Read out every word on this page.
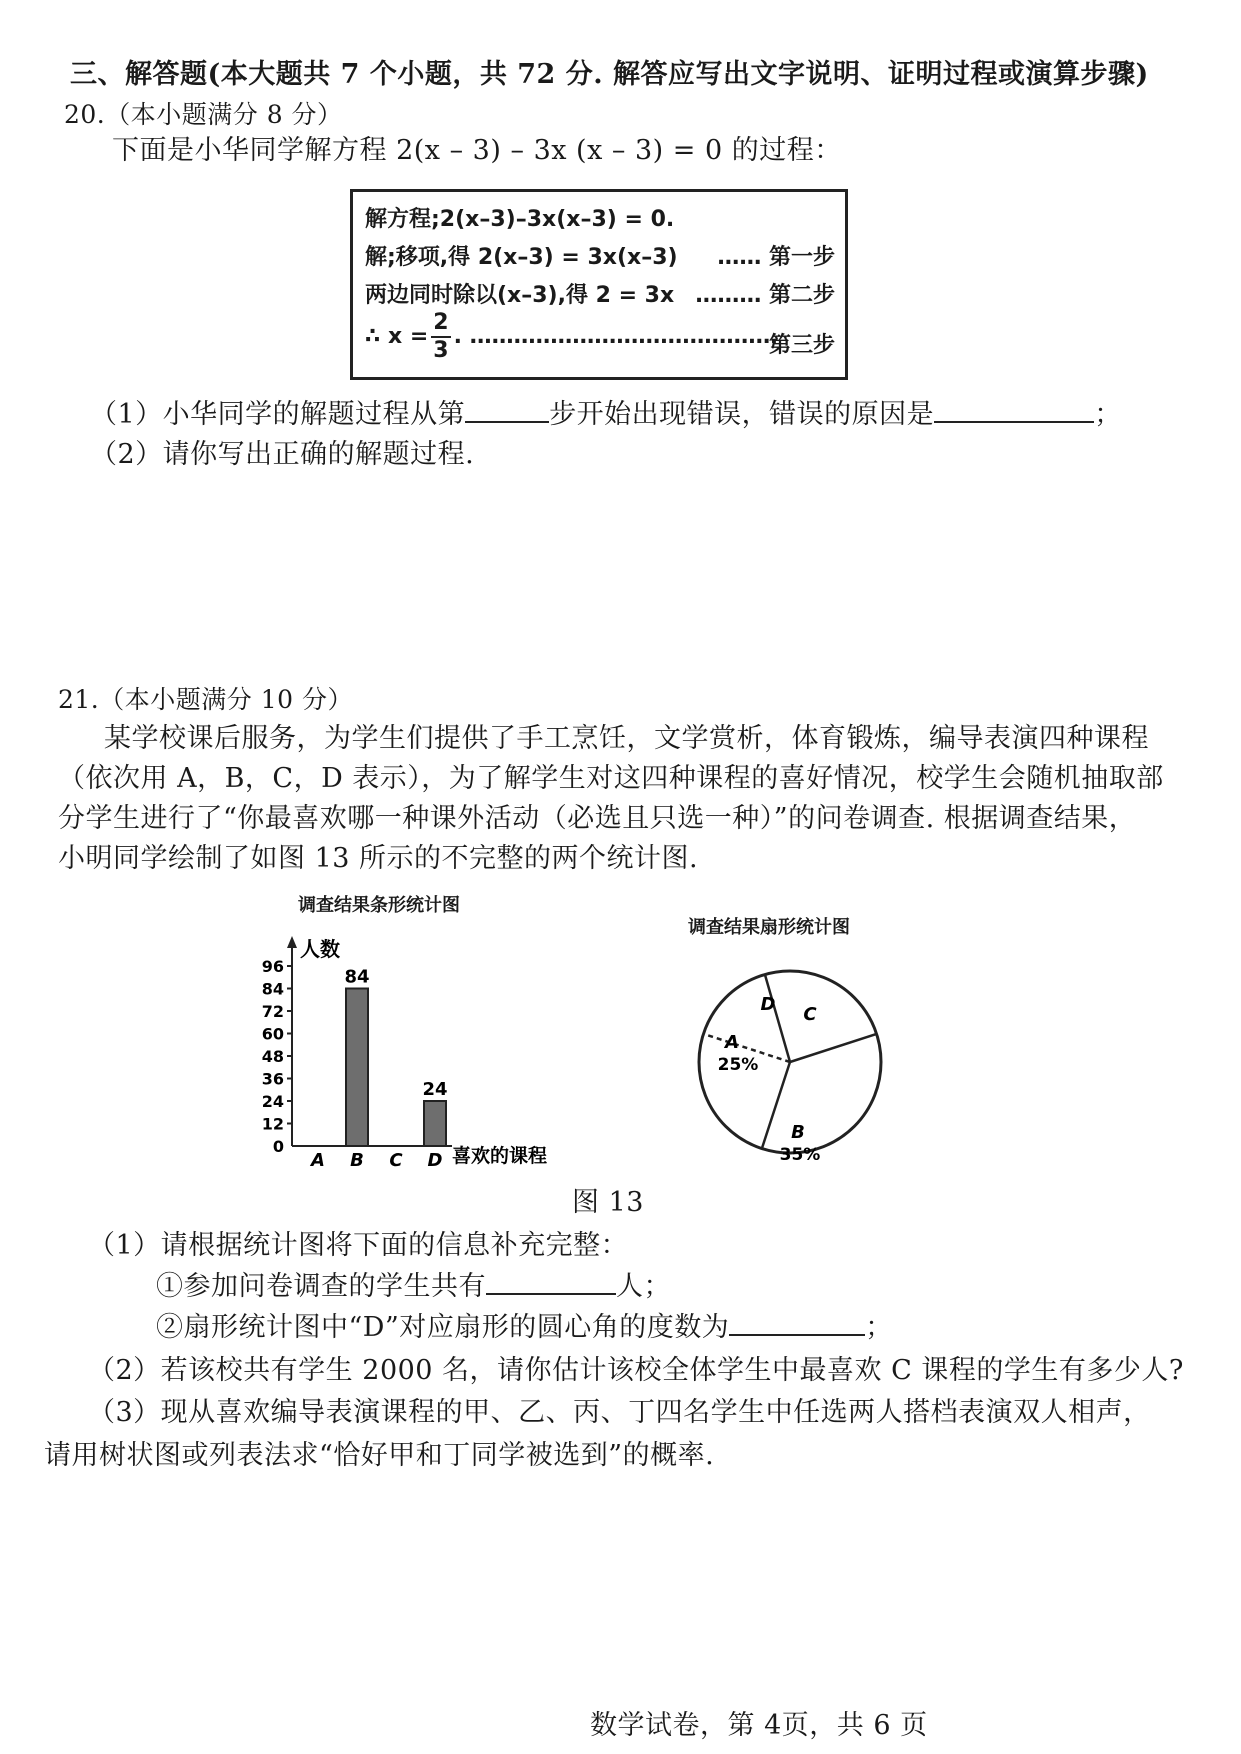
三、解答题(本大题共 7 个小题，共 72 分. 解答应写出文字说明、证明过程或演算步骤)
20.（本小题满分 8 分）
下面是小华同学解方程 2(x – 3) – 3x (x – 3) = 0 的过程：
解方程;2(x–3)–3x(x–3) = 0.
解;移项,得 2(x–3) = 3x(x–3) …… 第一步
两边同时除以(x–3),得 2 = 3x ……… 第二步
∴ $x = \frac{2}{3}$ . ……………………………………
第三步
（1）小华同学的解题过程从第	步开始出现错误，错误的原因是	；
（2）请你写出正确的解题过程.
21.（本小题满分 10 分）
某学校课后服务，为学生们提供了手工烹饪，文学赏析，体育锻炼，编导表演四种课程
（依次用 A，B，C，D 表示），为了解学生对这四种课程的喜好情况，校学生会随机抽取部
分学生进行了“你最喜欢哪一种课外活动（必选且只选一种）”的问卷调查. 根据调查结果，
小明同学绘制了如图 13 所示的不完整的两个统计图.
调查结果条形统计图
人数
喜欢的课程
0
12
24
36
48
60
72
84
96
A B
84
C D
24
调查结果扇形统计图
A
25%
B
35%
C
D
图 13
（1）请根据统计图将下面的信息补充完整：
①参加问卷调查的学生共有	人；
②扇形统计图中“D”对应扇形的圆心角的度数为	；
（2）若该校共有学生 2000 名，请你估计该校全体学生中最喜欢 C 课程的学生有多少人?
（3）现从喜欢编导表演课程的甲、乙、丙、丁四名学生中任选两人搭档表演双人相声，
请用树状图或列表法求“恰好甲和丁同学被选到”的概率.
数学试卷，第 4页，共 6 页
